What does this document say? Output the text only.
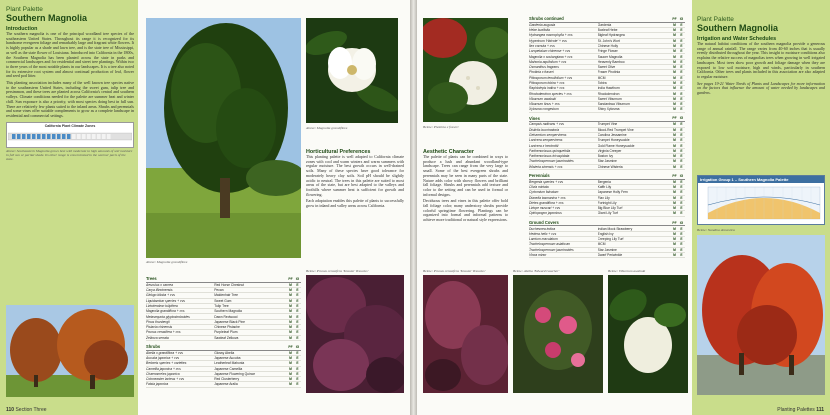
Plant Palette
Southern Magnolia
Introduction

The southern magnolia is one of the principal woodland tree species of the southeastern United States. Throughout its range it is recognized for its handsome evergreen foliage and remarkably large and fragrant white flowers. It is highly popular as a shade and lawn tree, and is the state tree of Mississippi, as well as the state flower of Louisiana. Introduced into California in the 1800s, the Southern Magnolia has been planted across the state in parks and commercial landscapes and for residential and street tree plantings. Within two to three years of the most notable plants in our landscapes. It is a tree also noted for its extensive root system and almost continual production of leaf, flower and seed pod litter.

This planting association includes many of the well known tree species native to the southeastern United States, including the sweet gum, tulip tree and persimmon, and these trees are planted across California's central and southern valleys. Climate conditions needed for the palette are summer heat and winter chill. Sun exposure is also a priority, with most species doing best in full sun. There are relatively few plants suited to the inland areas. Shrubs and perennials and some vines offer suitable complements to grow as a complete landscape in residential and commercial settings.

California Plant Climate Zones
Above: Southeastern Magnolia grows best with moderate to high amounts of soil moisture in full sun or partial shade. Its other range is concentrated in the warmer parts of the state.
Above: Magnolia grandiflora
Above: Magnolia grandiflora
Horticultural Preferences

This planting palette is well adapted to California climate zones with cool and warm winters and warm summers with regular moisture. The best growth occurs in well-drained soils. Many of these species have good tolerance for moderately heavy clay soils. Soil pH should be slightly acidic to neutral. The trees in this palette are suited to most areas of the state, but are best adapted to the valleys and foothills where summer heat is sufficient for growth and flowering.

Each adaptation enables this palette of plants to successfully grow in inland and valley areas across California.

Below: Prunus cerasifera 'Krauter Vesuvius'
Trees		PF	IG
Aesculus x carnea	Red Horse Chestnut	M	E
Carya illinoinensis	Pecan	M	E
Ginkgo biloba + cvs	Maidenhair Tree	M	E
Liquidambar species + cvs	Sweet Gum	M	E
Liriodendron tulipifera	Tulip Tree	M	E
Magnolia grandiflora + cvs	Southern Magnolia	M	E
Metasequoia glyptostroboides	Dawn Redwood	M	E
Pinus thunbergii	Japanese Black Pine	M	E
Pistacia chinensis	Chinese Pistache	M	E
Prunus cerasifera + cvs	Purpleleaf Plum	M	E
Zelkova serrata	Sawleaf Zelkova	M	E
Shrubs		PF	IG
Abelia x grandiflora + cvs	Glossy Abelia	M	E
Aucuba japonica + cvs	Japanese Aucuba	M	E
Berberis species + varieties	Leatherleaf Mahonia	M	E
Camellia japonica + cvs	Japanese Camellia	M	E
Chaenomeles japonica	Japanese Flowering Quince	M	E
Cotoneaster lacteus + cvs	Red Clusterberry	M	E
Fatsia japonica	Japanese Aralia	M	E
110 Section Three
Below: Photinia x fraseri
Aesthetic Character

The palette of plants can be combined in ways to produce a lush and abundant woodland-type landscape. Trees can range from the very large to small. Some of the best evergreen shrubs and perennials may be seen in many parts of the state. Nature adds color with showy flowers and brilliant fall foliage. Shrubs and perennials add texture and color to the setting and can be used in formal or informal designs.

Deciduous trees and vines in this palette offer bold fall foliage color; many understory shrubs provide colorful springtime flowering. Plantings can be organized into formal and informal patterns to achieve more traditional or natural style expressions.

Shrubs continued		PF	IG
Gardenia augusta	Gardenia	M	E
Hebe buxifolia	Boxleaf Hebe	M	E
Hydrangea macrophylla + cvs	Bigleaf Hydrangea	M	E
Hypericum 'Hidcote' + cvs	St. John's Wort	M	E
Ilex cornuta + cvs	Chinese Holly	M	E
Loropetalum chinense + cvs	Fringe Flower	M	E
Magnolia x soulangiana + cvs	Saucer Magnolia	M	E
Mahonia aquifolium + cvs	Heavenly Bamboo	M	E
Osmanthus fragrans	Sweet Olive	M	E
Photinia x fraseri	Fraser Photinia	M	E
Pittosporum tenuifolium + cvs	MCM	M	E
Pittosporum tobira + cvs	Tobira	M	E
Raphiolepis indica + cvs	India Hawthorn	M	E
Rhododendron species + cvs	Rhododendron	M	E
Viburnum awabuki	Sweet Viburnum	M	E
Viburnum tinus + cvs	Sandankwa Viburnum	M	E
Xylosma congestum	Shiny Xylosma	M	E
Vines		PF	IG
Campsis radicans + cvs	Trumpet Vine	M	E
Distictis buccinatoria	Blood-Red Trumpet Vine	M	E
Gelsemium sempervirens	Carolina Jessamine	M	E
Lonicera sempervirens	Trumpet Honeysuckle	M	E
Lonicera x heckrottii	Gold Flame Honeysuckle	M	E
Parthenocissus quinquefolia	Virginia Creeper	M	E
Parthenocissus tricuspidata	Boston Ivy	M	E
Trachelospermum jasminoides	Star Jasmine	M	E
Wisteria sinensis + cvs	Chinese Wisteria	M	E
Perennials		PF	IG
Bergenia species + cvs	Bergenia	M	E
Clivia miniata	Kaffir Lily	M	E
Cyrtomium falcatum	Japanese Holly Fern	M	E
Dianella tasmanica + cvs	Flax Lily	M	E
Dietes grandiflora + cvs	Fortnight Lily	M	E
Liriope muscari + cvs	Big Blue Lily Turf	M	E
Ophiopogon japonicus	Giant Lily Turf	M	E
Ground Covers		PF	IG
Duchesnea indica	Indian Mock Strawberry	M	E
Hedera helix + cvs	English Ivy	M	E
Lamium maculatum	Creeping Lily Turf	M	E
Trachelospermum asiaticum	MCM	M	E
Trachelospermum jasminoides	Star Jasmine	M	E
Vinca minor	Dwarf Periwinkle	M	E
Below: Prunus cerasifera 'Krauter Vesuvius'	Below: Abelia 'Edward Goucher'	Below: Viburnum awabuki
Plant Palette
Southern Magnolia
Irrigation and Water Schedules

The natural habitat conditions of the southern magnolia provide a generous range of annual rainfall. The range varies from 40-60 inches that is usually evenly distributed throughout the year. This insight to moisture conditions also explains the relative success of magnolias trees when growing in well irrigated landscapes. Most trees show poor growth and foliage damage when they are exposed to low soil moisture, high and winds, particularly in southern California. Other trees and plants included in this association are also adapted to regular moisture.

See pages 19-21 Water Needs of Plants and Landscapes for more information on the factors that influence the amount of water needed by landscapes and gardens.

Irrigation Group 1 – Southern Magnolia Palette
Below: Nandina domestica
Planting Palettes 111
